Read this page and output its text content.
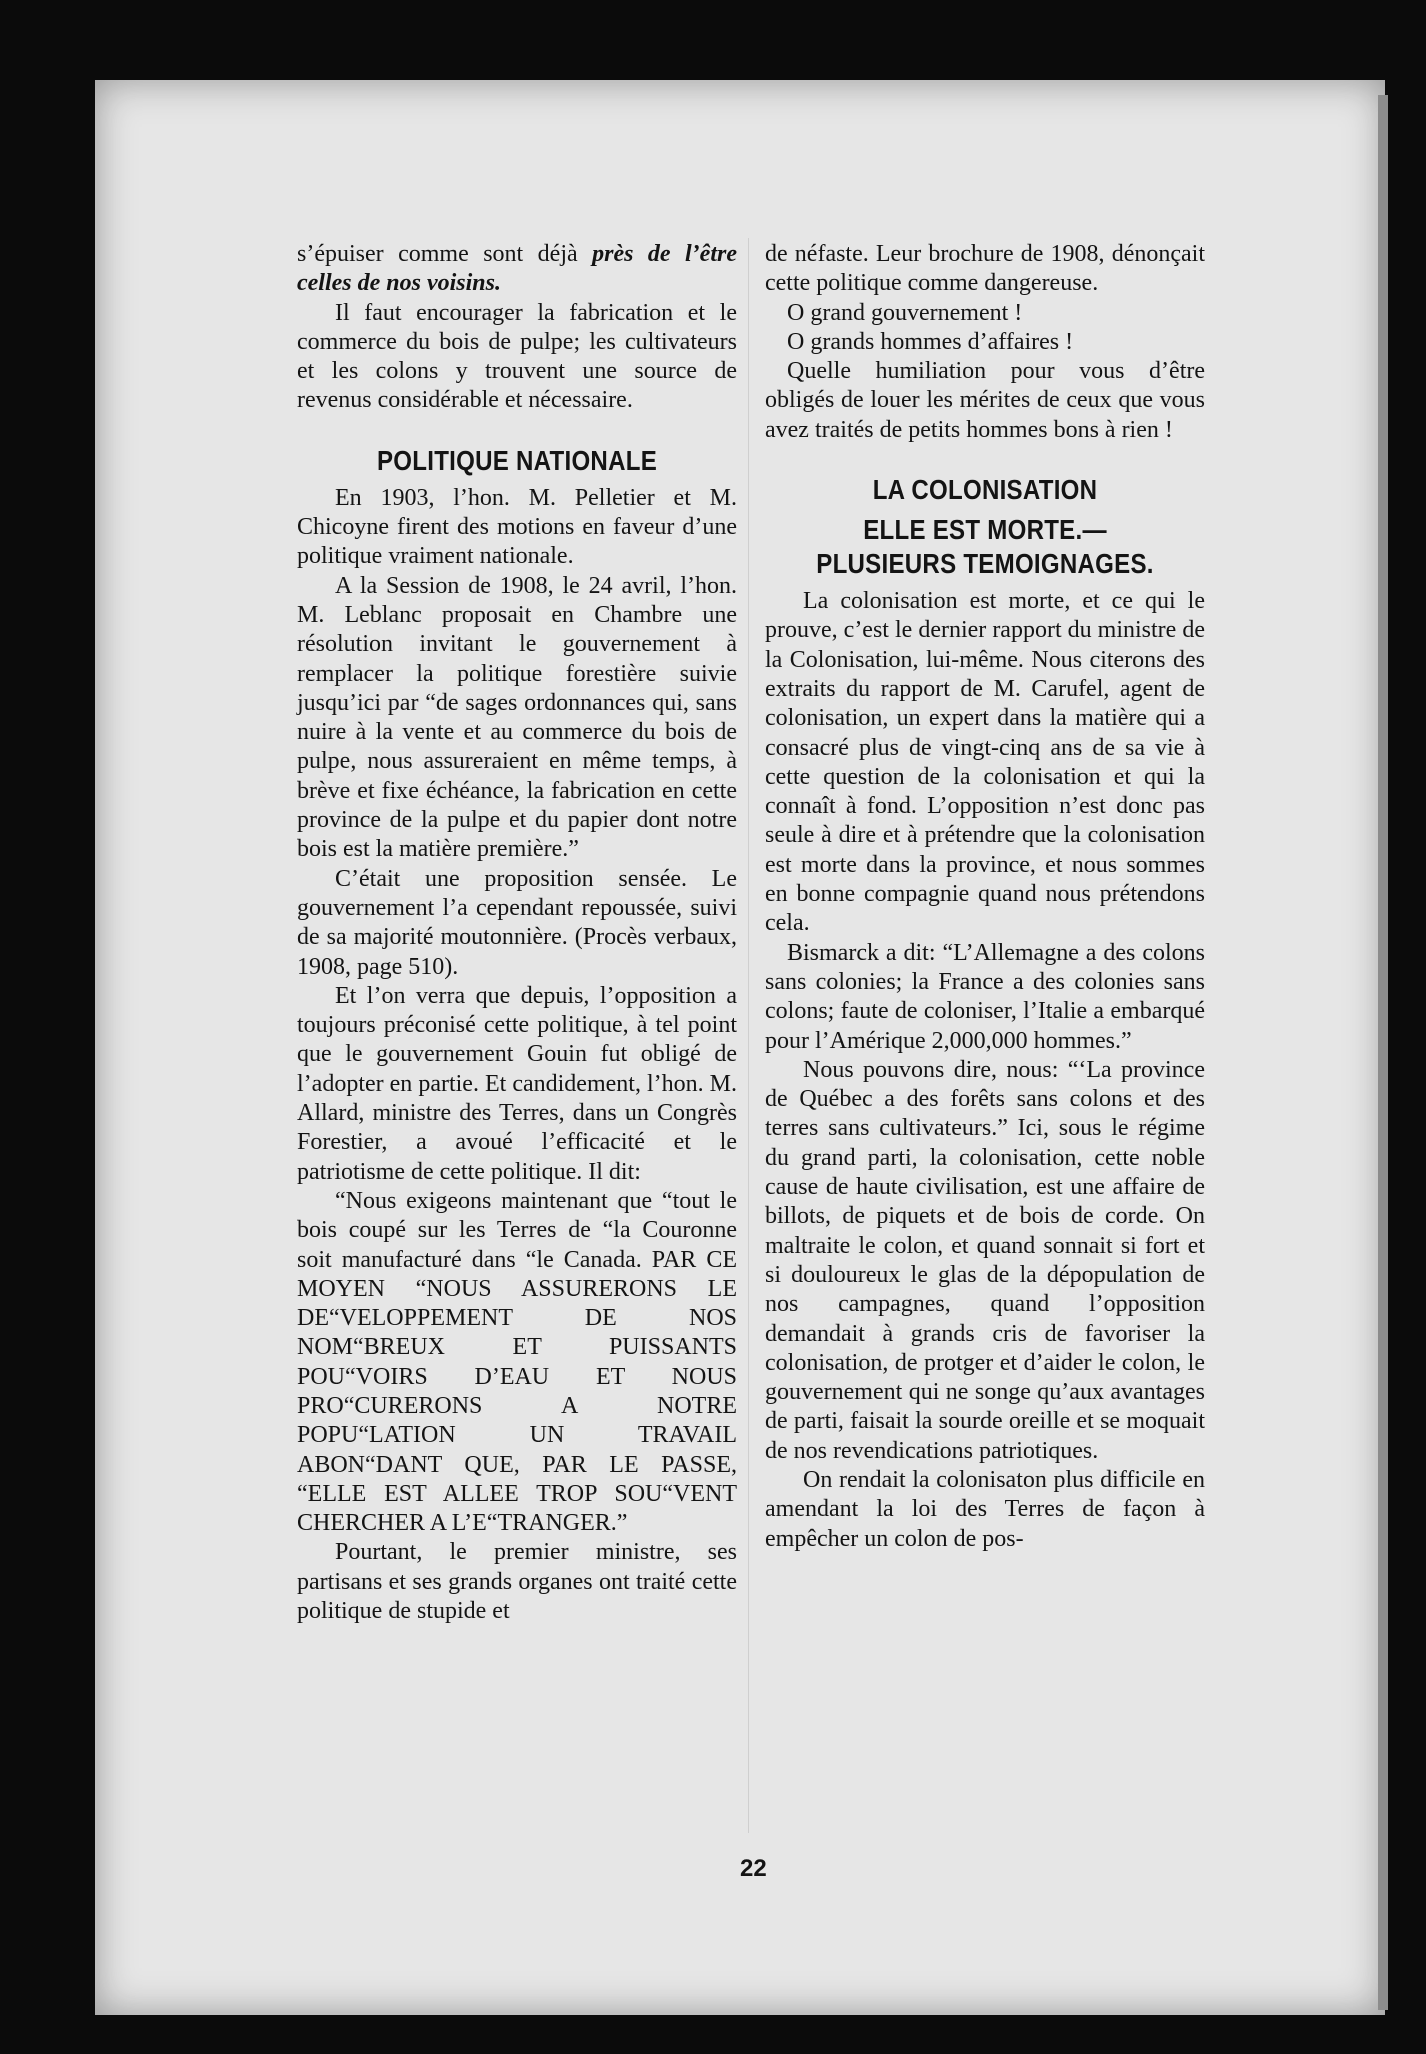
s’épuiser comme sont déjà près de l’être celles de nos voisins.

Il faut encourager la fabrication et le commerce du bois de pulpe; les cultivateurs et les colons y trouvent une source de revenus considérable et nécessaire.

POLITIQUE NATIONALE

En 1903, l’hon. M. Pelletier et M. Chicoyne firent des motions en faveur d’une politique vraiment nationale.

A la Session de 1908, le 24 avril, l’hon. M. Leblanc proposait en Chambre une résolution invitant le gouvernement à remplacer la politique forestière suivie jusqu’ici par “de sages ordonnances qui, sans nuire à la vente et au commerce du bois de pulpe, nous assureraient en même temps, à brève et fixe échéance, la fabrication en cette province de la pulpe et du papier dont notre bois est la matière première.”

C’était une proposition sensée. Le gouvernement l’a cependant repoussée, suivi de sa majorité moutonnière. (Procès verbaux, 1908, page 510).

Et l’on verra que depuis, l’opposition a toujours préconisé cette politique, à tel point que le gouvernement Gouin fut obligé de l’adopter en partie. Et candidement, l’hon. M. Allard, ministre des Terres, dans un Congrès Forestier, a avoué l’efficacité et le patriotisme de cette politique. Il dit:

“Nous exigeons maintenant que “tout le bois coupé sur les Terres de “la Couronne soit manufacturé dans “le Canada. PAR CE MOYEN “NOUS ASSURERONS LE DE“VELOPPEMENT DE NOS NOM“BREUX ET PUISSANTS POU“VOIRS D’EAU ET NOUS PRO“CURERONS A NOTRE POPU“LATION UN TRAVAIL ABON“DANT QUE, PAR LE PASSE, “ELLE EST ALLEE TROP SOU“VENT CHERCHER A L’E“TRANGER.”

Pourtant, le premier ministre, ses partisans et ses grands organes ont traité cette politique de stupide et

de néfaste. Leur brochure de 1908, dénonçait cette politique comme dangereuse.

O grand gouvernement !

O grands hommes d’affaires !

Quelle humiliation pour vous d’être obligés de louer les mérites de ceux que vous avez traités de petits hommes bons à rien !

LA COLONISATION
ELLE EST MORTE.—PLUSIEURS TEMOIGNAGES.

La colonisation est morte, et ce qui le prouve, c’est le dernier rapport du ministre de la Colonisation, lui-même. Nous citerons des extraits du rapport de M. Carufel, agent de colonisation, un expert dans la matière qui a consacré plus de vingt-cinq ans de sa vie à cette question de la colonisation et qui la connaît à fond. L’opposition n’est donc pas seule à dire et à prétendre que la colonisation est morte dans la province, et nous sommes en bonne compagnie quand nous prétendons cela.

Bismarck a dit: “L’Allemagne a des colons sans colonies; la France a des colonies sans colons; faute de coloniser, l’Italie a embarqué pour l’Amérique 2,000,000 hommes.”

Nous pouvons dire, nous: “‘La province de Québec a des forêts sans colons et des terres sans cultivateurs.” Ici, sous le régime du grand parti, la colonisation, cette noble cause de haute civilisation, est une affaire de billots, de piquets et de bois de corde. On maltraite le colon, et quand sonnait si fort et si douloureux le glas de la dépopulation de nos campagnes, quand l’opposition demandait à grands cris de favoriser la colonisation, de protger et d’aider le colon, le gouvernement qui ne songe qu’aux avantages de parti, faisait la sourde oreille et se moquait de nos revendications patriotiques.

On rendait la colonisaton plus difficile en amendant la loi des Terres de façon à empêcher un colon de pos-

22
